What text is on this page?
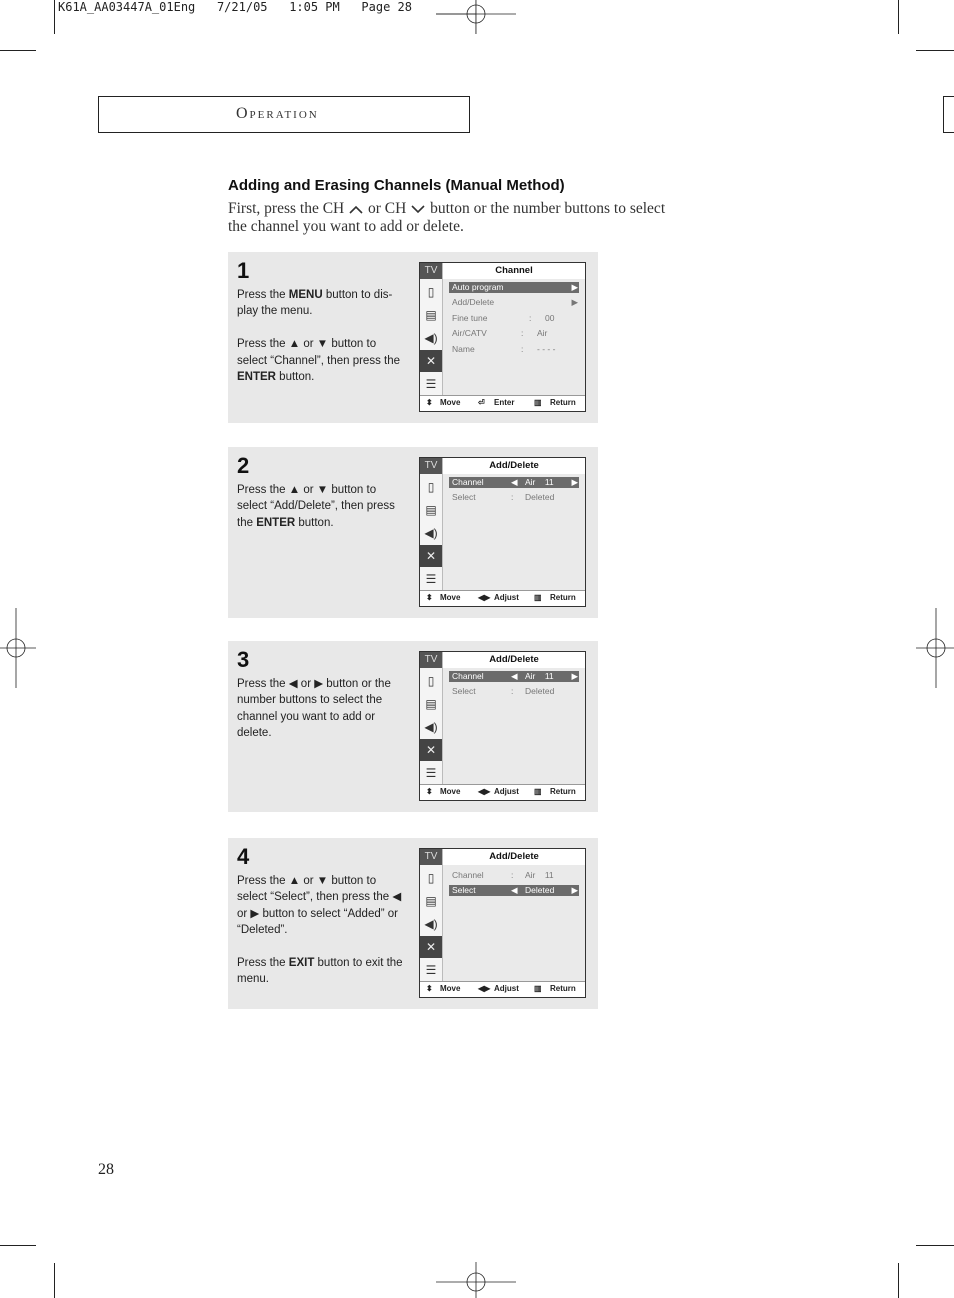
K61A_AA03447A_01Eng   7/21/05   1:05 PM   Page 28
Operation
Adding and Erasing Channels (Manual Method)
First, press the CH or CH button or the number buttons to select the channel you want to add or delete.
1
Press the MENU button to dis-play the menu.

Press the ▲ or ▼ button to select “Channel”, then press the ENTER button.
TV
▯
▤
◀)
✕
☰
Channel
Auto program	▶
Add/Delete	▶
Fine tune	: 00
Air/CATV	: Air
Name	: - - - -
⬍ Move ⏎ Enter ▥ Return
2
Press the ▲ or ▼ button to select “Add/Delete”, then press the ENTER button.
TV
▯
▤
◀)
✕
☰
Add/Delete
Channel	◀ Air    11 ▶
Select	: Deleted
⬍ Move ◀▶ Adjust ▥ Return
3
Press the ◀ or ▶ button or the number buttons to select the channel you want to add or delete.
TV
▯
▤
◀)
✕
☰
Add/Delete
Channel	◀ Air    11 ▶
Select	: Deleted
⬍ Move ◀▶ Adjust ▥ Return
4
Press the ▲ or ▼ button to select “Select”, then press the ◀ or ▶ button to select “Added” or “Deleted”.

Press the EXIT button to exit the menu.
TV
▯
▤
◀)
✕
☰
Add/Delete
Channel	: Air    11
Select	◀ Deleted ▶
⬍ Move ◀▶ Adjust ▥ Return
28
